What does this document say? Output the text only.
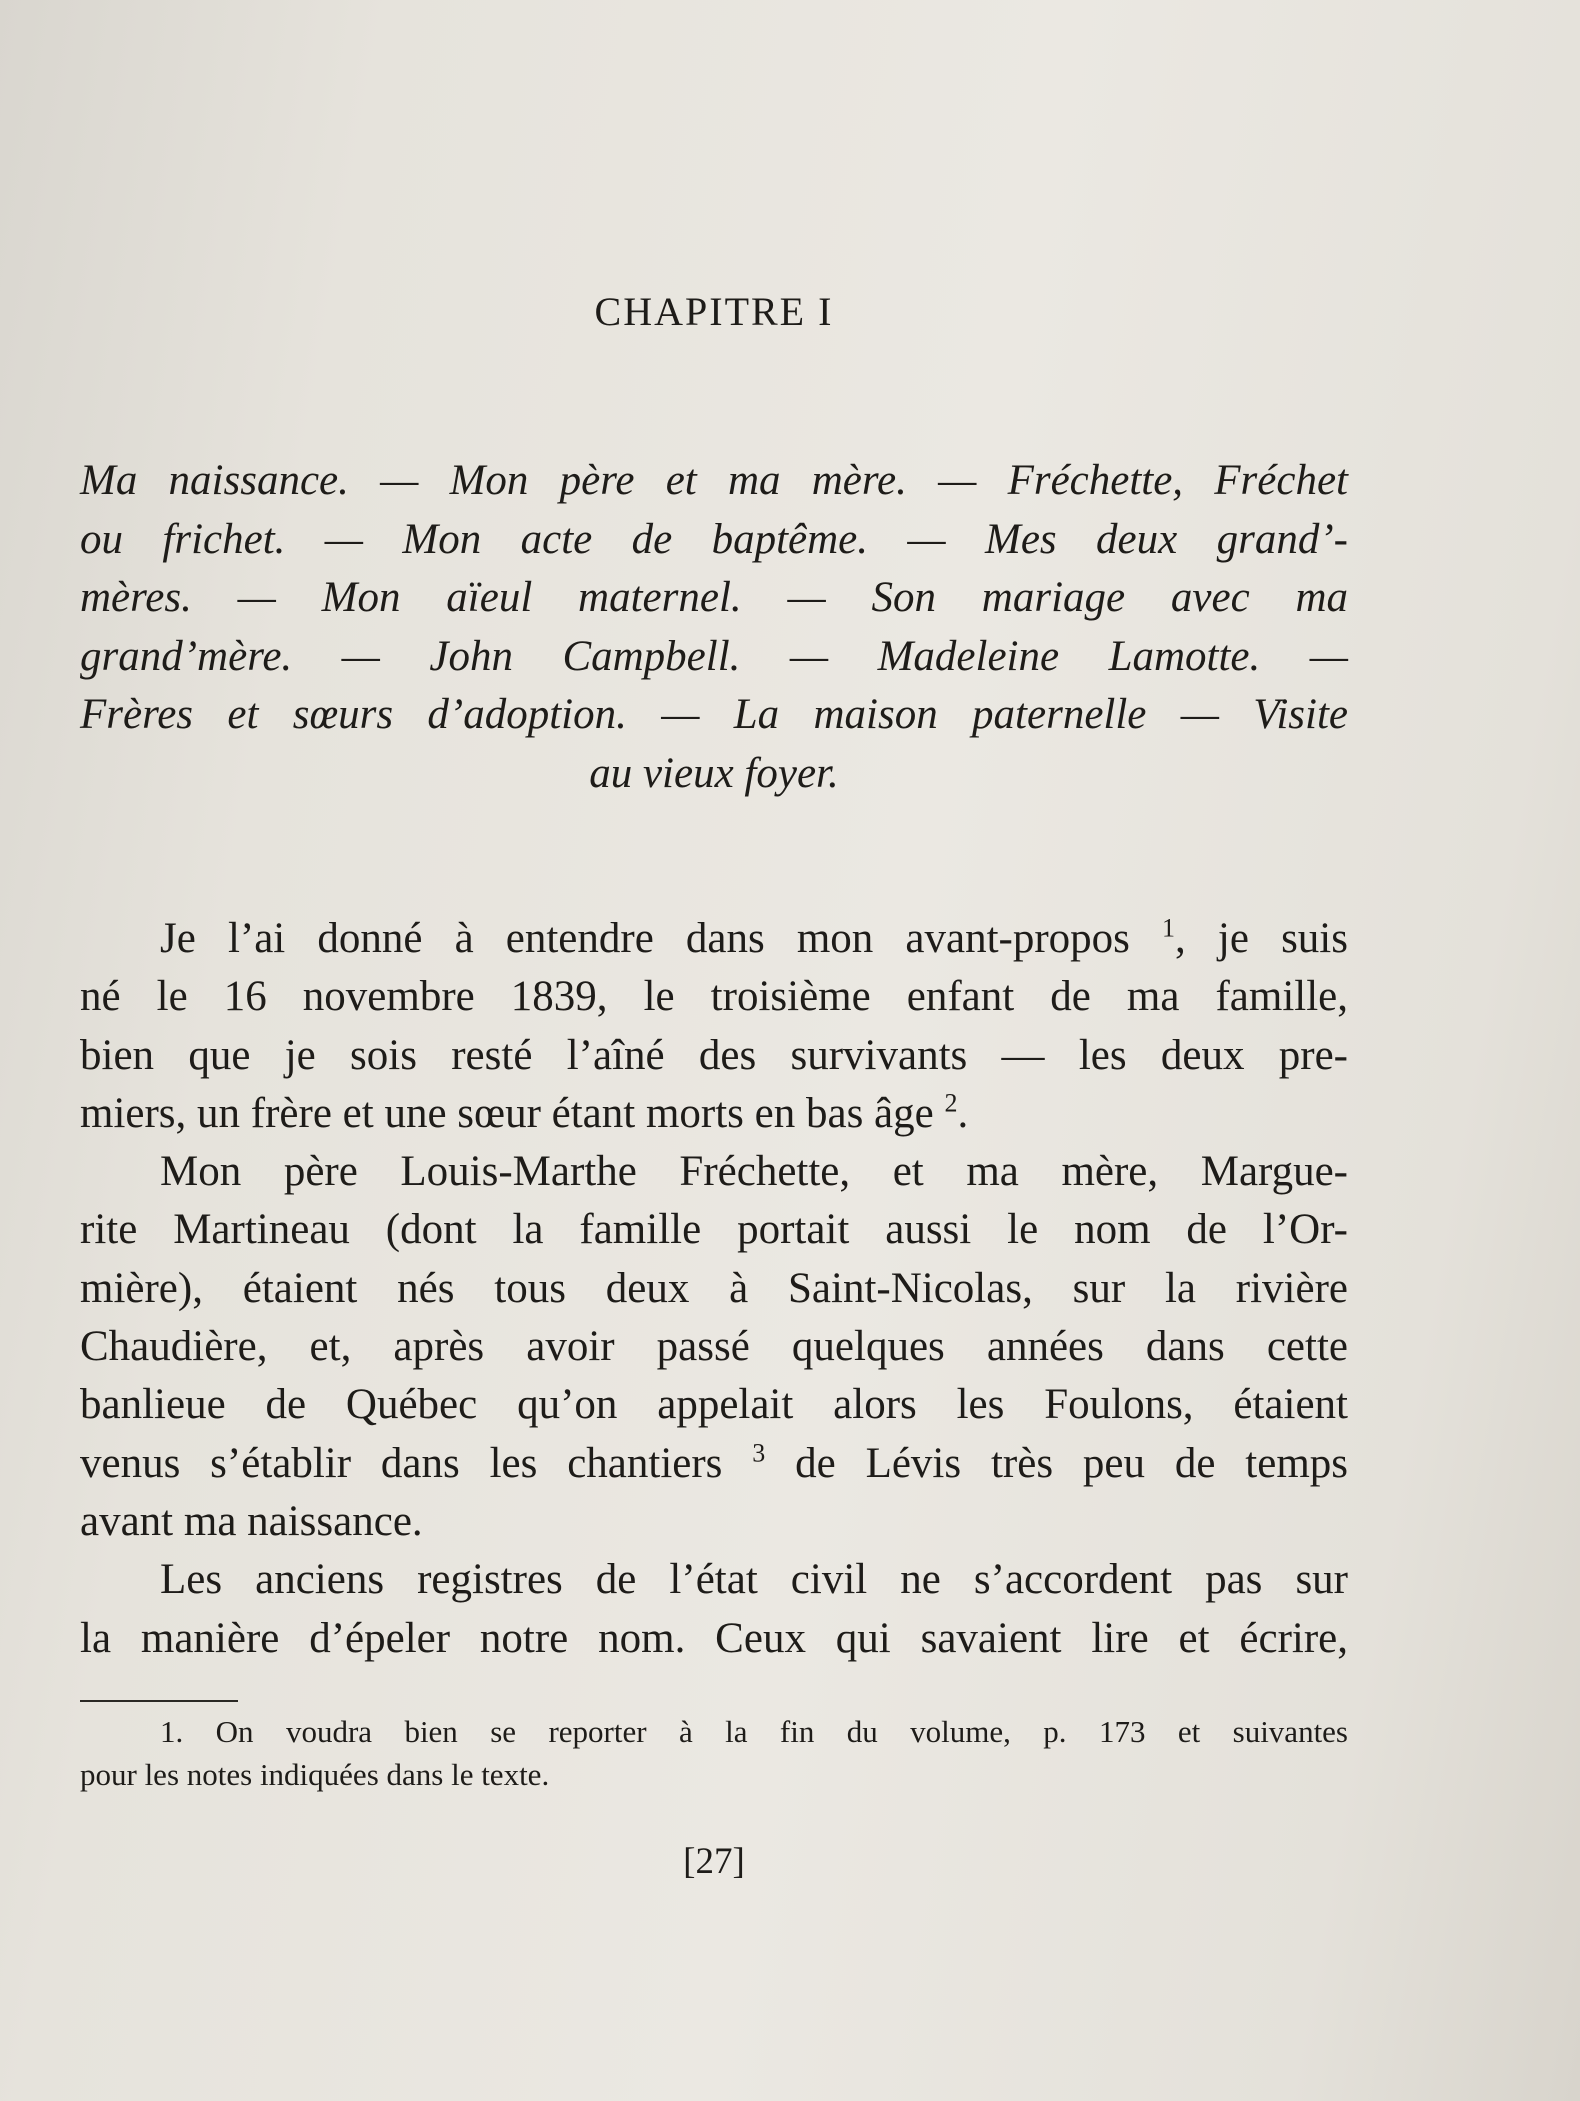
CHAPITRE I
Ma naissance. — Mon père et ma mère. — Fréchette, Fréchet
ou frichet. — Mon acte de baptême. — Mes deux grand’-
mères. — Mon aïeul maternel. — Son mariage avec ma
grand’mère. — John Campbell. — Madeleine Lamotte. —
Frères et sœurs d’adoption. — La maison paternelle — Visite
au vieux foyer.
Je l’ai donné à entendre dans mon avant-propos $^1$, je suis
né le 16 novembre 1839, le troisième enfant de ma famille,
bien que je sois resté l’aîné des survivants — les deux pre-
miers, un frère et une sœur étant morts en bas âge $^2$.
Mon père Louis-Marthe Fréchette, et ma mère, Margue-
rite Martineau (dont la famille portait aussi le nom de l’Or-
mière), étaient nés tous deux à Saint-Nicolas, sur la rivière
Chaudière, et, après avoir passé quelques années dans cette
banlieue de Québec qu’on appelait alors les Foulons, étaient
venus s’établir dans les chantiers $^3$ de Lévis très peu de temps
avant ma naissance.
Les anciens registres de l’état civil ne s’accordent pas sur
la manière d’épeler notre nom. Ceux qui savaient lire et écrire,
1. On voudra bien se reporter à la fin du volume, p. 173 et suivantes
pour les notes indiquées dans le texte.
[27]
